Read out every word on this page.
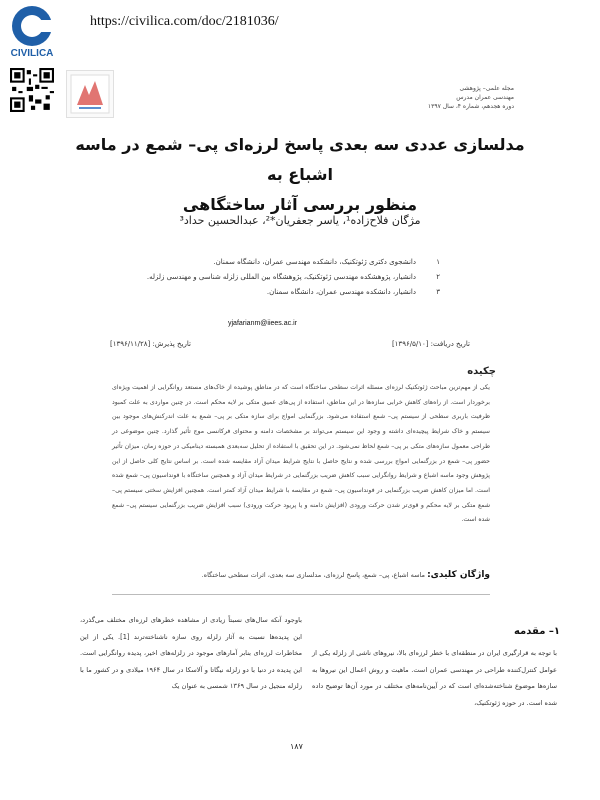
CIVILICA
https://civilica.com/doc/2181036/
مجله علمی– پژوهشی
مهندسی عمران مدرس
دوره هجدهم، شماره ۴، سال ۱۳۹۷
مدلسازی عددی سه بعدی پاسخ لرزه‌ای پی– شمع در ماسه اشباع به
منظور بررسی آثار ساختگاهی
مژگان فلاح‌زاده¹، یاسر جعفریان*²، عبدالحسین حداد³
۱
دانشجوی دکتری ژئوتکنیک، دانشکده مهندسی عمران، دانشگاه سمنان.
۲
دانشیار، پژوهشکده مهندسی ژئوتکنیک، پژوهشگاه بین المللی زلزله شناسی و مهندسی زلزله.
۳
دانشیار، دانشکده مهندسی عمران، دانشگاه سمنان.
yjafarianm@iiees.ac.ir
تاریخ دریافت: [۱۳۹۶/۵/۱۰]
تاریخ پذیرش: [۱۳۹۶/۱۱/۲۸]
چکیده
یکی از مهم‌ترین مباحث ژئوتکنیک لرزه‌ای مسئله اثرات سطحی ساختگاه است که در مناطق پوشیده از خاک‌های مستعد روانگرایی از اهمیت ویژه‌ای برخوردار است. از راه‌های کاهش خرابی سازه‌ها در این مناطق، استفاده از پی‌های عمیق متکی بر لایه محکم است. در چنین مواردی به علت کمبود ظرفیت باربری سطحی از سیستم پی– شمع استفاده می‌شود. بزرگنمایی امواج برای سازه متکی بر پی– شمع به علت اندرکنش‌های موجود بین سیستم و خاک شرایط پیچیده‌ای داشته و وجود این سیستم می‌تواند بر مشخصات دامنه و محتوای فرکانسی موج تأثیر گذارد. چنین موضوعی در طراحی معمول سازه‌های متکی بر پی– شمع لحاظ نمی‌شود. در این تحقیق با استفاده از تحلیل سه‌بعدی همبسته دینامیکی در حوزه زمان، میزان تأثیر حضور پی– شمع در بزرگنمایی امواج بررسی شده و نتایج حاصل با نتایج شرایط میدان آزاد مقایسه شده است. بر اساس نتایج کلی حاصل از این پژوهش وجود ماسه اشباع و شرایط روانگرایی سبب کاهش ضریب بزرگنمایی در شرایط میدان آزاد و همچنین ساختگاه با فونداسیون پی– شمع شده است. اما میزان کاهش ضریب بزرگنمایی در فونداسیون پی– شمع در مقایسه با شرایط میدان آزاد کمتر است. همچنین افزایش سختی سیستم پی– شمع متکی بر لایه محکم و قوی‌تر شدن حرکت ورودی (افزایش دامنه و یا پریود حرکت ورودی) سبب افزایش ضریب بزرگنمایی سیستم پی– شمع شده است.
واژگان کلیدی: ماسه اشباع، پی– شمع، پاسخ لرزه‌ای، مدلسازی سه بعدی، اثرات سطحی ساختگاه.
۱– مقدمه
با توجه به قرارگیری ایران در منطقه‌ای با خطر لرزه‌ای بالا، نیروهای ناشی از زلزله یکی از عوامل کنترل‌کننده طراحی در مهندسی عمران است. ماهیت و روش اعمال این نیروها به سازه‌ها موضوع شناخته‌شده‌ای است که در آیین‌نامه‌های مختلف در مورد آن‌ها توضیح داده شده است. در حوزه ژئوتکنیک،
باوجود آنکه سال‌های نسبتاً زیادی از مشاهده خطرهای لرزه‌ای مختلف می‌گذرد، این پدیده‌ها نسبت به آثار زلزله روی سازه ناشناخته‌ترند [1]. یکی از این مخاطرات لرزه‌ای بنابر آمارهای موجود در زلزله‌های اخیر، پدیده روانگرایی است. این پدیده در دنیا با دو زلزله نیگاتا و آلاسکا در سال ۱۹۶۴ میلادی و در کشور ما با زلزله منجیل در سال ۱۳۶۹ شمسی به عنوان یک
۱۸۷
